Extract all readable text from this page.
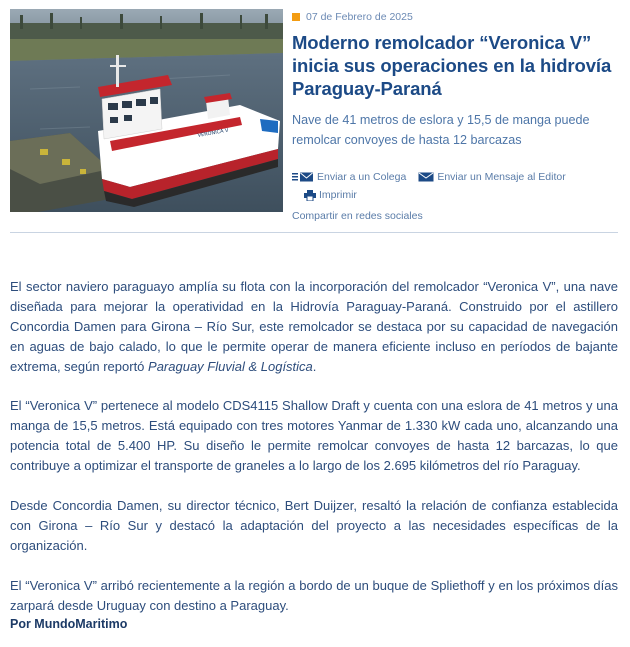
VERONICA V
07 de Febrero de 2025
Moderno remolcador “Veronica V” inicia sus operaciones en la hidrovía Paraguay-Paraná

Nave de 41 metros de eslora y 15,5 de manga puede remolcar convoyes de hasta 12 barcazas

Enviar a un Colega	Enviar un Mensaje al Editor
Imprimir
Compartir en redes sociales

El sector naviero paraguayo amplía su flota con la incorporación del remolcador “Veronica V”, una nave diseñada para mejorar la operatividad en la Hidrovía Paraguay-Paraná. Construido por el astillero Concordia Damen para Girona – Río Sur, este remolcador se destaca por su capacidad de navegación en aguas de bajo calado, lo que le permite operar de manera eficiente incluso en períodos de bajante extrema, según reportó Paraguay Fluvial & Logística.

El “Veronica V” pertenece al modelo CDS4115 Shallow Draft y cuenta con una eslora de 41 metros y una manga de 15,5 metros. Está equipado con tres motores Yanmar de 1.330 kW cada uno, alcanzando una potencia total de 5.400 HP. Su diseño le permite remolcar convoyes de hasta 12 barcazas, lo que contribuye a optimizar el transporte de graneles a lo largo de los 2.695 kilómetros del río Paraguay.

Desde Concordia Damen, su director técnico, Bert Duijzer, resaltó la relación de confianza establecida con Girona – Río Sur y destacó la adaptación del proyecto a las necesidades específicas de la organización.

El “Veronica V” arribó recientemente a la región a bordo de un buque de Spliethoff y en los próximos días zarpará desde Uruguay con destino a Paraguay.

Por MundoMaritimo
